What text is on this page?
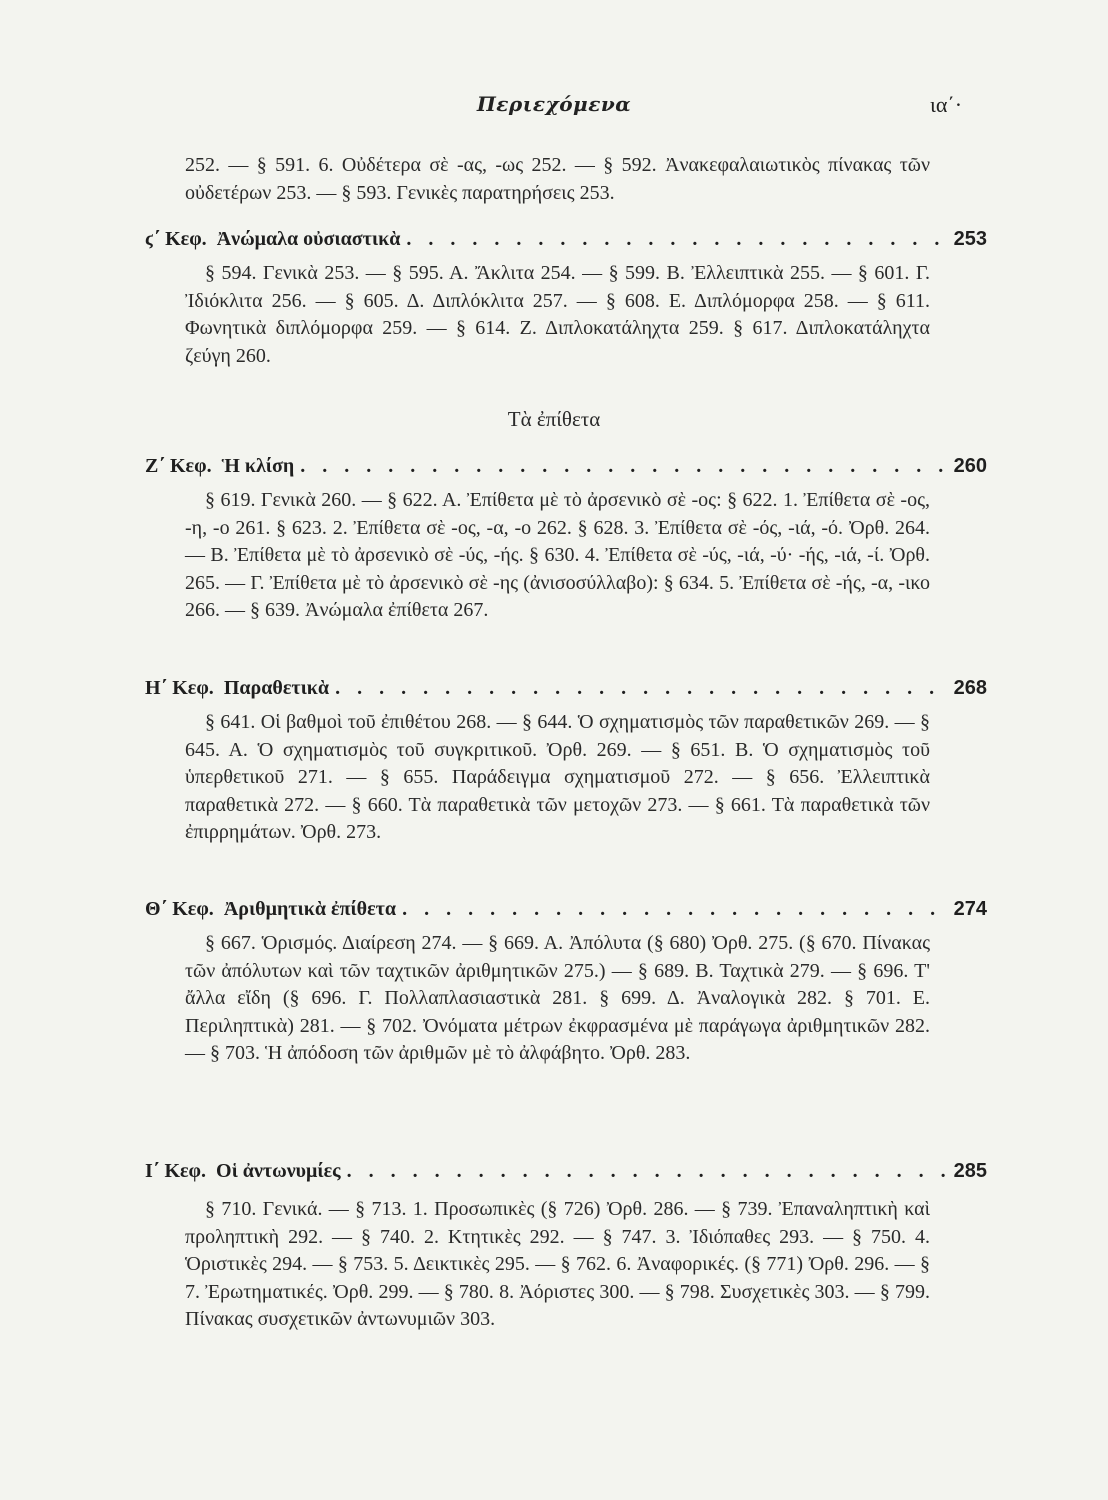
Περιεχόμενα	ια΄·
252. — § 591. 6. Οὐδέτερα σὲ -ας, -ως 252. — § 592. Ἀνακεφαλαιωτικὸς πίνακας τῶν οὐδετέρων 253. — § 593. Γενικὲς παρατηρήσεις 253.
ϛ΄ Κεφ. Ἀνώμαλα οὐσιαστικὰ . . .	253
§ 594. Γενικὰ 253. — § 595. Α. Ἄκλιτα 254. — § 599. Β. Ἐλλειπτικὰ 255. — § 601. Γ. Ἰδιόκλιτα 256. — § 605. Δ. Διπλόκλιτα 257. — § 608. Ε. Διπλόμορφα 258. — § 611. Φωνητικὰ διπλόμορφα 259. — § 614. Ζ. Διπλοκατάληχτα 259. § 617. Διπλοκατάληχτα ζεύγη 260.
Τὰ ἐπίθετα
Ζ΄ Κεφ. Ἡ κλίση . . .	260
§ 619. Γενικὰ 260. — § 622. Α. Ἐπίθετα μὲ τὸ ἀρσενικὸ σὲ -ος: § 622. 1. Ἐπίθετα σὲ -ος, -η, -ο 261. § 623. 2. Ἐπίθετα σὲ -ος, -α, -ο 262. § 628. 3. Ἐπίθετα σὲ -ός, -ιά, -ό. Ὀρθ. 264. — Β. Ἐπίθετα μὲ τὸ ἀρσενικὸ σὲ -ύς, -ής. § 630. 4. Ἐπίθετα σὲ -ύς, -ιά, -ύ· -ής, -ιά, -ί. Ὀρθ. 265. — Γ. Ἐπίθετα μὲ τὸ ἀρσενικὸ σὲ -ης (ἀνισοσύλλαβο): § 634. 5. Ἐπίθετα σὲ -ής, -α, -ικο 266. — § 639. Ἀνώμαλα ἐπίθετα 267.
Η΄ Κεφ. Παραθετικὰ . . .	268
§ 641. Οἱ βαθμοὶ τοῦ ἐπιθέτου 268. — § 644. Ὁ σχηματισμὸς τῶν παραθετικῶν 269. — § 645. Α. Ὁ σχηματισμὸς τοῦ συγκριτικοῦ. Ὀρθ. 269. — § 651. Β. Ὁ σχηματισμὸς τοῦ ὑπερθετικοῦ 271. — § 655. Παράδειγμα σχηματισμοῦ 272. — § 656. Ἐλλειπτικὰ παραθετικὰ 272. — § 660. Τὰ παραθετικὰ τῶν μετοχῶν 273. — § 661. Τὰ παραθετικὰ τῶν ἐπιρρημάτων. Ὀρθ. 273.
Θ΄ Κεφ. Ἀριθμητικὰ ἐπίθετα . . .	274
§ 667. Ὁρισμός. Διαίρεση 274. — § 669. Α. Ἀπόλυτα (§ 680) Ὀρθ. 275. (§ 670. Πίνακας τῶν ἀπόλυτων καὶ τῶν ταχτικῶν ἀριθμητικῶν 275.) — § 689. Β. Ταχτικὰ 279. — § 696. Τ' ἄλλα εἴδη (§ 696. Γ. Πολλαπλασιαστικὰ 281. § 699. Δ. Ἀναλογικὰ 282. § 701. Ε. Περιληπτικὰ) 281. — § 702. Ὀνόματα μέτρων ἐκφρασμένα μὲ παράγωγα ἀριθμητικῶν 282. — § 703. Ἡ ἀπόδοση τῶν ἀριθμῶν μὲ τὸ ἀλφάβητο. Ὀρθ. 283.
Ι΄ Κεφ. Οἱ ἀντωνυμίες . . .	285
§ 710. Γενικά. — § 713. 1. Προσωπικὲς (§ 726) Ὀρθ. 286. — § 739. Ἐπαναληπτικὴ καὶ προληπτικὴ 292. — § 740. 2. Κτητικὲς 292. — § 747. 3. Ἰδιόπαθες 293. — § 750. 4. Ὁριστικὲς 294. — § 753. 5. Δεικτικὲς 295. — § 762. 6. Ἀναφορικές. (§ 771) Ὀρθ. 296. — § 7. Ἐρωτηματικές. Ὀρθ. 299. — § 780. 8. Ἀόριστες 300. — § 798. Συσχετικὲς 303. — § 799. Πίνακας συσχετικῶν ἀντωνυμιῶν 303.
